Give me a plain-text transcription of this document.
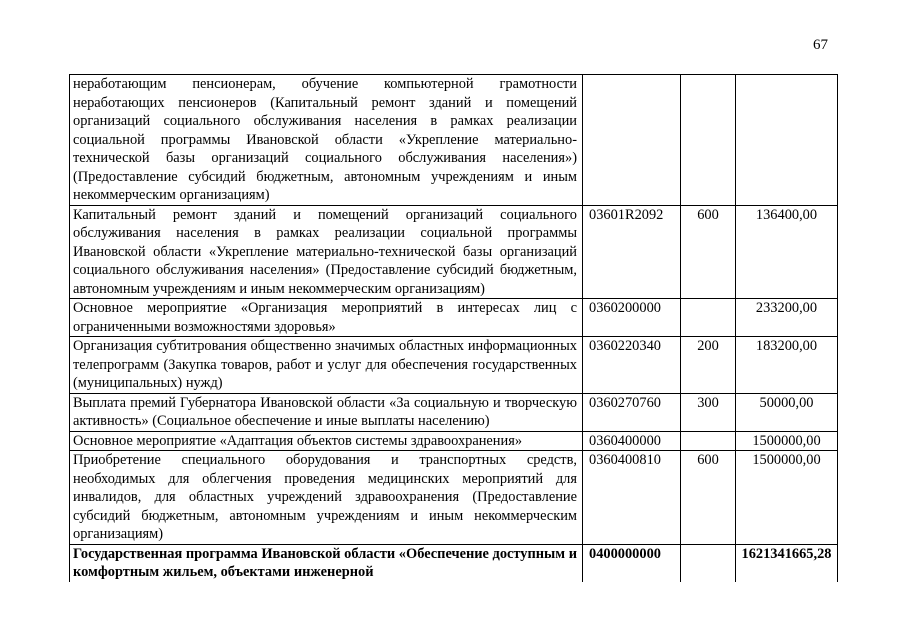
67
неработающим пенсионерам, обучение компьютерной грамотности неработающих пенсионеров (Капитальный ремонт зданий и помещений организаций социального обслуживания населения в рамках реализации социальной программы Ивановской области «Укрепление материально-технической базы организаций социального обслуживания населения») (Предоставление субсидий бюджетным, автономным учреждениям и иным некоммерческим организациям)			
Капитальный ремонт зданий и помещений организаций социального обслуживания населения в рамках реализации социальной программы Ивановской области «Укрепление материально-технической базы организаций социального обслуживания населения» (Предоставление субсидий бюджетным, автономным учреждениям и иным некоммерческим организациям)	03601R2092	600	136400,00
Основное мероприятие «Организация мероприятий в интересах лиц с ограниченными возможностями здоровья»	0360200000		233200,00
Организация субтитрования общественно значимых областных информационных телепрограмм (Закупка товаров, работ и услуг для обеспечения государственных (муниципальных) нужд)	0360220340	200	183200,00
Выплата премий Губернатора Ивановской области «За социальную и творческую активность» (Социальное обеспечение и иные выплаты населению)	0360270760	300	50000,00
Основное мероприятие «Адаптация объектов системы здравоохранения»	0360400000		1500000,00
Приобретение специального оборудования и транспортных средств, необходимых для облегчения проведения медицинских мероприятий для инвалидов, для областных учреждений здравоохранения (Предоставление субсидий бюджетным, автономным учреждениям и иным некоммерческим организациям)	0360400810	600	1500000,00
Государственная программа Ивановской области «Обеспечение доступным и комфортным жильем, объектами инженерной	0400000000		1621341665,28
